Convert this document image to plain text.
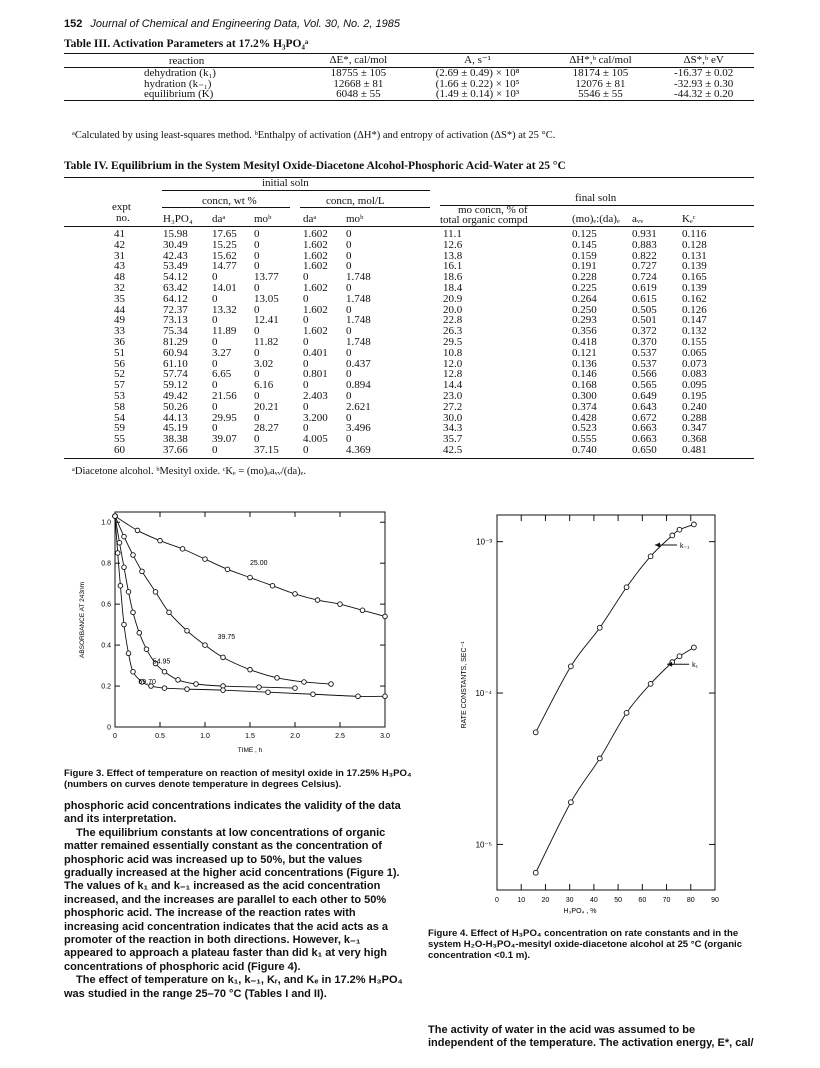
152 Journal of Chemical and Engineering Data, Vol. 30, No. 2, 1985
Table III. Activation Parameters at 17.2% H₃PO₄ᵃ
reaction	ΔE*, cal/mol	A, s⁻¹	ΔH*,ᵇ cal/mol	ΔS*,ᵇ eV
dehydration (k₁)	18755 ± 105	(2.69 ± 0.49) × 10⁸	18174 ± 105	-16.37 ± 0.02
hydration (k₋₁)	12668 ± 81	(1.66 ± 0.22) × 10⁵	12076 ± 81	-32.93 ± 0.30
equilibrium (K)	6048 ± 55	(1.49 ± 0.14) × 10³	5546 ± 55	-44.32 ± 0.20
ᵃCalculated by using least-squares method. ᵇEnthalpy of activation (ΔH*) and entropy of activation (ΔS*) at 25 °C.
Table IV. Equilibrium in the System Mesityl Oxide-Diacetone Alcohol-Phosphoric Acid-Water at 25 °C
initial soln
final soln
concn, wt %	concn, mol/L
expt
no.
mo concn, % of
total organic compd
H₃PO₄ daᵃ	moᵇ	daᵃ	moᵇ	(mo)ₑ:(da)ₑ aᵥᵥ	Kₑᶜ
41	15.98 17.65 0	1.602 0	11.1	0.125	0.931 0.116
42	30.49 15.25 0	1.602 0	12.6	0.145	0.883 0.128
31	42.43 15.62 0	1.602 0	13.8	0.159	0.822 0.131
43	53.49 14.77 0	1.602 0	16.1	0.191	0.727 0.139
48	54.12 0	13.77 0	1.748	18.6	0.228	0.724 0.165
32	63.42 14.01 0	1.602 0	18.4	0.225	0.619 0.139
35	64.12 0	13.05 0	1.748	20.9	0.264	0.615 0.162
44	72.37 13.32 0	1.602 0	20.0	0.250	0.505 0.126
49	73.13 0	12.41 0	1.748	22.8	0.293	0.501 0.147
33	75.34 11.89 0	1.602 0	26.3	0.356	0.372 0.132
36	81.29 0	11.82 0	1.748	29.5	0.418	0.370 0.155
51	60.94 3.27 0	0.401 0	10.8	0.121	0.537 0.065
56	61.10 0	3.02	0	0.437	12.0	0.136	0.537 0.073
52	57.74 6.65 0	0.801 0	12.8	0.146	0.566 0.083
57	59.12 0	6.16	0	0.894	14.4	0.168	0.565 0.095
53	49.42 21.56 0	2.403 0	23.0	0.300	0.649 0.195
58	50.26 0	20.21 0	2.621	27.2	0.374	0.643 0.240
54	44.13 29.95 0	3.200 0	30.0	0.428	0.672 0.288
59	45.19 0	28.27 0	3.496	34.3	0.523	0.663 0.347
55	38.38 39.07 0	4.005 0	35.7	0.555	0.663 0.368
60	37.66 0	37.15 0	4.369	42.5	0.740	0.650 0.481
ᵃDiacetone alcohol. ᵇMesityl oxide. ᶜKₑ = (mo)ₑaᵥᵥ/(da)ₑ.
0	0.5	1.0	1.5	2.0	2.5	3.0
0
0.2
0.4
0.6
0.8
1.0
25.00
39.75
54.95
69.70
TIME , h
ABSORBANCE AT 243nm
Figure 3. Effect of temperature on reaction of mesityl oxide in 17.25% H₃PO₄ (numbers on curves denote temperature in degrees Celsius).
0	10 20 30 40 50 60 70 80 90
10⁻⁵
10⁻⁴
10⁻³	k₋₁
k₁
H₃PO₄ , %
RATE CONSTANTS, SEC⁻¹
Figure 4. Effect of H₃PO₄ concentration on rate constants and in the system H₂O-H₃PO₄-mesityl oxide-diacetone alcohol at 25 °C (organic concentration <0.1 m).

phosphoric acid concentrations indicates the validity of the data and its interpretation.

The equilibrium constants at low concentrations of organic matter remained essentially constant as the concentration of phosphoric acid was increased up to 50%, but the values gradually increased at the higher acid concentrations (Figure 1). The values of k₁ and k₋₁ increased as the acid concentration increased, and the increases are parallel to each other to 50% phosphoric acid. The increase of the reaction rates with increasing acid concentration indicates that the acid acts as a promoter of the reaction in both directions. However, k₋₁ appeared to approach a plateau faster than did k₁ at very high concentrations of phosphoric acid (Figure 4).

The effect of temperature on k₁, k₋₁, Kᵣ, and Kₑ in 17.2% H₃PO₄ was studied in the range 25–70 °C (Tables I and II).

The activity of water in the acid was assumed to be independent of the temperature. The activation energy, E*, cal/
